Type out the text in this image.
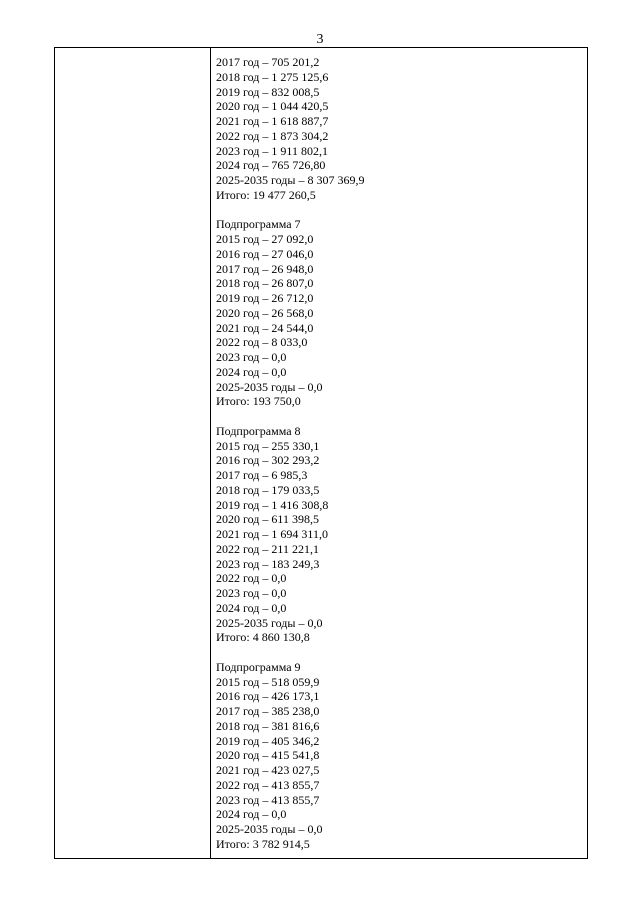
3
2017 год – 705 201,2
2018 год – 1 275 125,6
2019 год – 832 008,5
2020 год – 1 044 420,5
2021 год – 1 618 887,7
2022 год – 1 873 304,2
2023 год – 1 911 802,1
2024 год – 765 726,80
2025-2035 годы – 8 307 369,9
Итого: 19 477 260,5
Подпрограмма 7
2015 год – 27 092,0
2016 год – 27 046,0
2017 год – 26 948,0
2018 год – 26 807,0
2019 год – 26 712,0
2020 год – 26 568,0
2021 год – 24 544,0
2022 год – 8 033,0
2023 год – 0,0
2024 год – 0,0
2025-2035 годы – 0,0
Итого: 193 750,0
Подпрограмма 8
2015 год – 255 330,1
2016 год – 302 293,2
2017 год – 6 985,3
2018 год – 179 033,5
2019 год – 1 416 308,8
2020 год – 611 398,5
2021 год – 1 694 311,0
2022 год – 211 221,1
2023 год – 183 249,3
2022 год – 0,0
2023 год – 0,0
2024 год – 0,0
2025-2035 годы – 0,0
Итого: 4 860 130,8
Подпрограмма 9
2015 год – 518 059,9
2016 год – 426 173,1
2017 год – 385 238,0
2018 год – 381 816,6
2019 год – 405 346,2
2020 год – 415 541,8
2021 год – 423 027,5
2022 год – 413 855,7
2023 год – 413 855,7
2024 год – 0,0
2025-2035 годы – 0,0
Итого: 3 782 914,5
